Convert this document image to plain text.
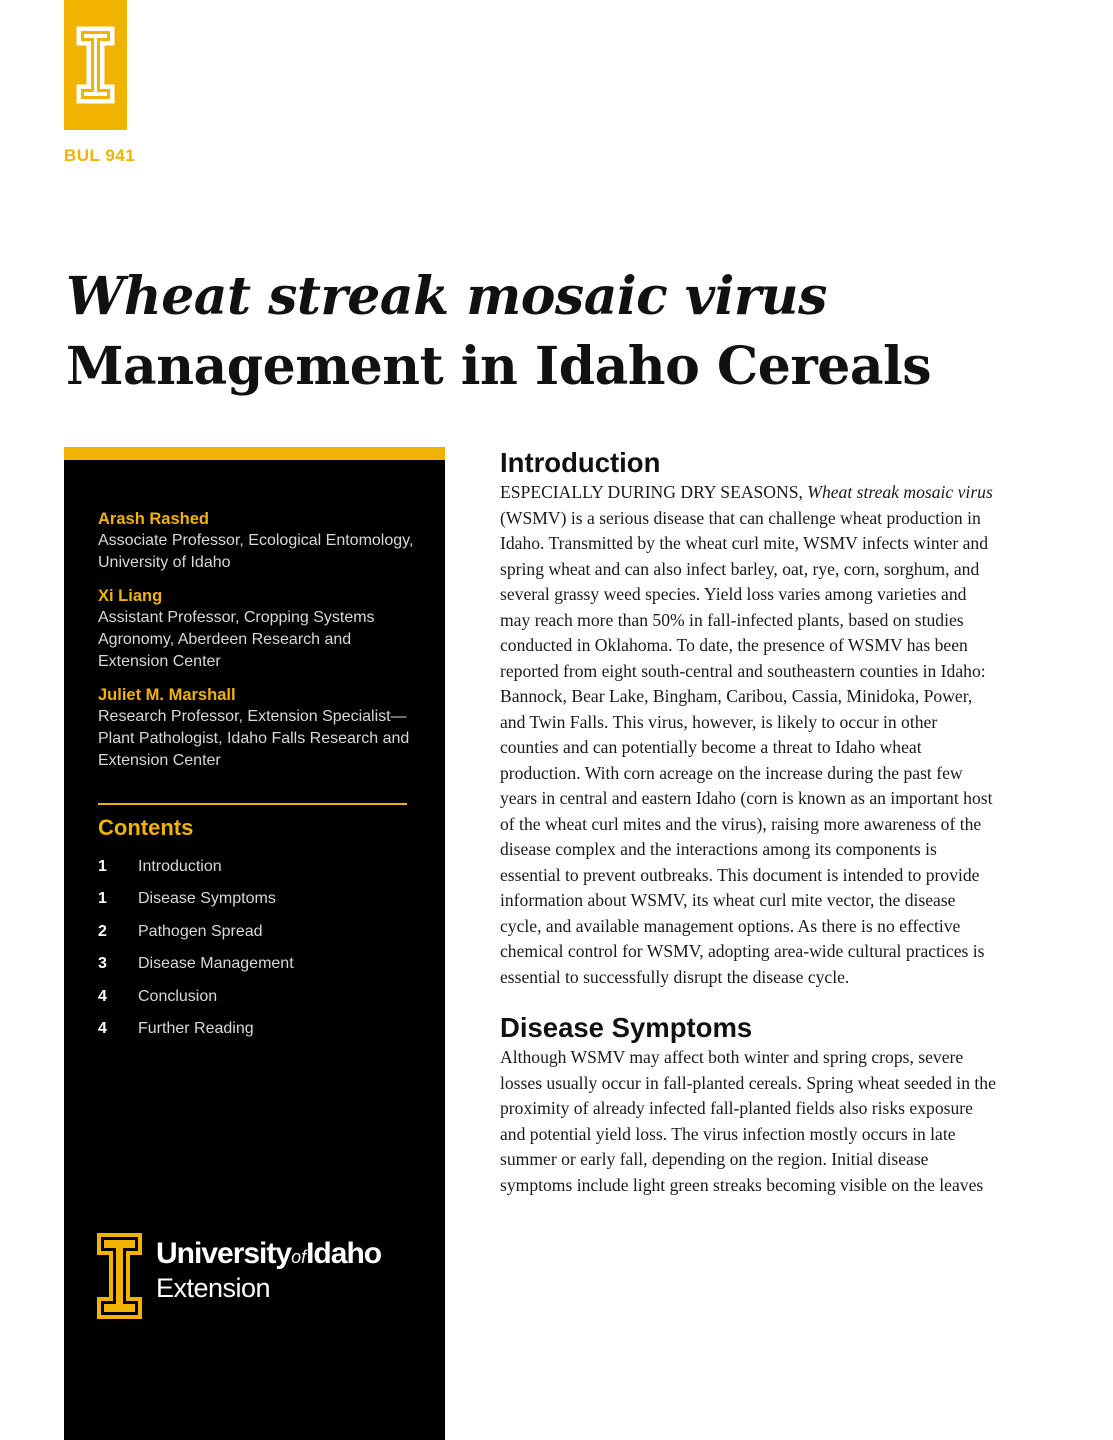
BUL 941
Wheat streak mosaic virus
Management in Idaho Cereals
Arash Rashed
Associate Professor, Ecological Entomology, University of Idaho
Xi Liang
Assistant Professor, Cropping Systems Agronomy, Aberdeen Research and Extension Center
Juliet M. Marshall
Research Professor, Extension Specialist—Plant Pathologist, Idaho Falls Research and Extension Center
Contents
1	Introduction
1	Disease Symptoms
2	Pathogen Spread
3	Disease Management
4	Conclusion
4	Further Reading
UniversityofIdaho
Extension
Introduction

ESPECIALLY DURING DRY SEASONS, Wheat streak mosaic virus (WSMV) is a serious disease that can challenge wheat production in Idaho. Transmitted by the wheat curl mite, WSMV infects winter and spring wheat and can also infect barley, oat, rye, corn, sorghum, and several grassy weed species. Yield loss varies among varieties and may reach more than 50% in fall-infected plants, based on studies conducted in Oklahoma. To date, the presence of WSMV has been reported from eight south-central and southeastern counties in Idaho: Bannock, Bear Lake, Bingham, Caribou, Cassia, Minidoka, Power, and Twin Falls. This virus, however, is likely to occur in other counties and can potentially become a threat to Idaho wheat production. With corn acreage on the increase during the past few years in central and eastern Idaho (corn is known as an important host of the wheat curl mites and the virus), raising more awareness of the disease complex and the interactions among its components is essential to prevent outbreaks. This document is intended to provide information about WSMV, its wheat curl mite vector, the disease cycle, and available management options. As there is no effective chemical control for WSMV, adopting area-wide cultural practices is essential to successfully disrupt the disease cycle.

Disease Symptoms

Although WSMV may affect both winter and spring crops, severe losses usually occur in fall-planted cereals. Spring wheat seeded in the proximity of already infected fall-planted fields also risks exposure and potential yield loss. The virus infection mostly occurs in late summer or early fall, depending on the region. Initial disease symptoms include light green streaks becoming visible on the leaves
